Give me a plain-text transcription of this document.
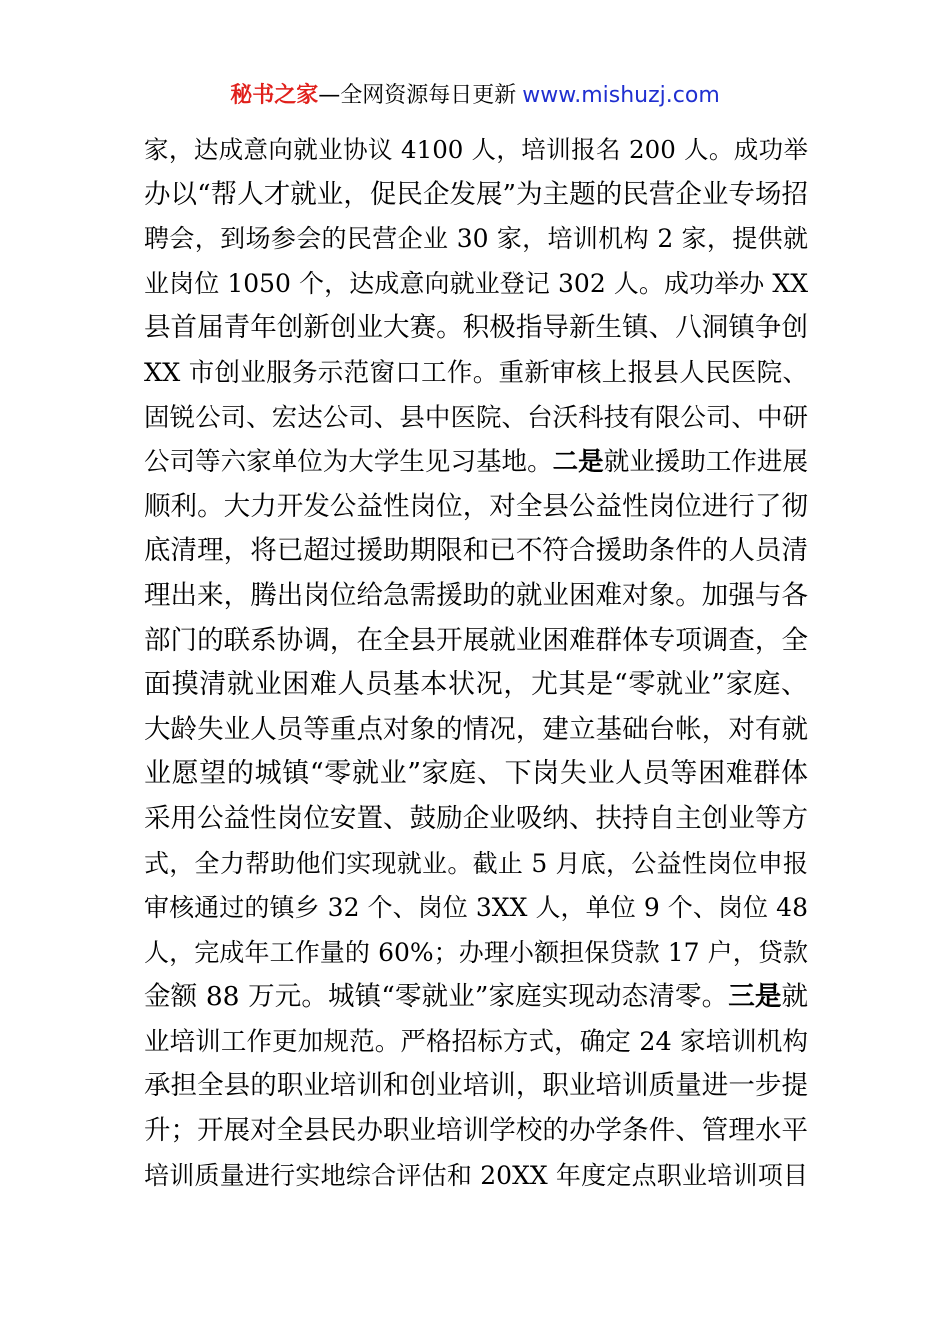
秘书之家—全网资源每日更新 www.mishuzj.com
家，达成意向就业协议 4100 人，培训报名 200 人。成功举
办以“帮人才就业，促民企发展”为主题的民营企业专场招
聘会，到场参会的民营企业 30 家，培训机构 2 家，提供就
业岗位 1050 个，达成意向就业登记 302 人。成功举办 XX
县首届青年创新创业大赛。积极指导新生镇、八洞镇争创
XX 市创业服务示范窗口工作。重新审核上报县人民医院、
固锐公司、宏达公司、县中医院、台沃科技有限公司、中研
公司等六家单位为大学生见习基地。二是就业援助工作进展
顺利。大力开发公益性岗位，对全县公益性岗位进行了彻
底清理，将已超过援助期限和已不符合援助条件的人员清
理出来，腾出岗位给急需援助的就业困难对象。加强与各
部门的联系协调，在全县开展就业困难群体专项调查，全
面摸清就业困难人员基本状况，尤其是“零就业”家庭、
大龄失业人员等重点对象的情况，建立基础台帐，对有就
业愿望的城镇“零就业”家庭、下岗失业人员等困难群体
采用公益性岗位安置、鼓励企业吸纳、扶持自主创业等方
式，全力帮助他们实现就业。截止 5 月底，公益性岗位申报
审核通过的镇乡 32 个、岗位 3XX 人，单位 9 个、岗位 48
人，完成年工作量的 60%；办理小额担保贷款 17 户，贷款
金额 88 万元。城镇“零就业”家庭实现动态清零。三是就
业培训工作更加规范。严格招标方式，确定 24 家培训机构
承担全县的职业培训和创业培训，职业培训质量进一步提
升；开展对全县民办职业培训学校的办学条件、管理水平
培训质量进行实地综合评估和 20XX 年度定点职业培训项目
